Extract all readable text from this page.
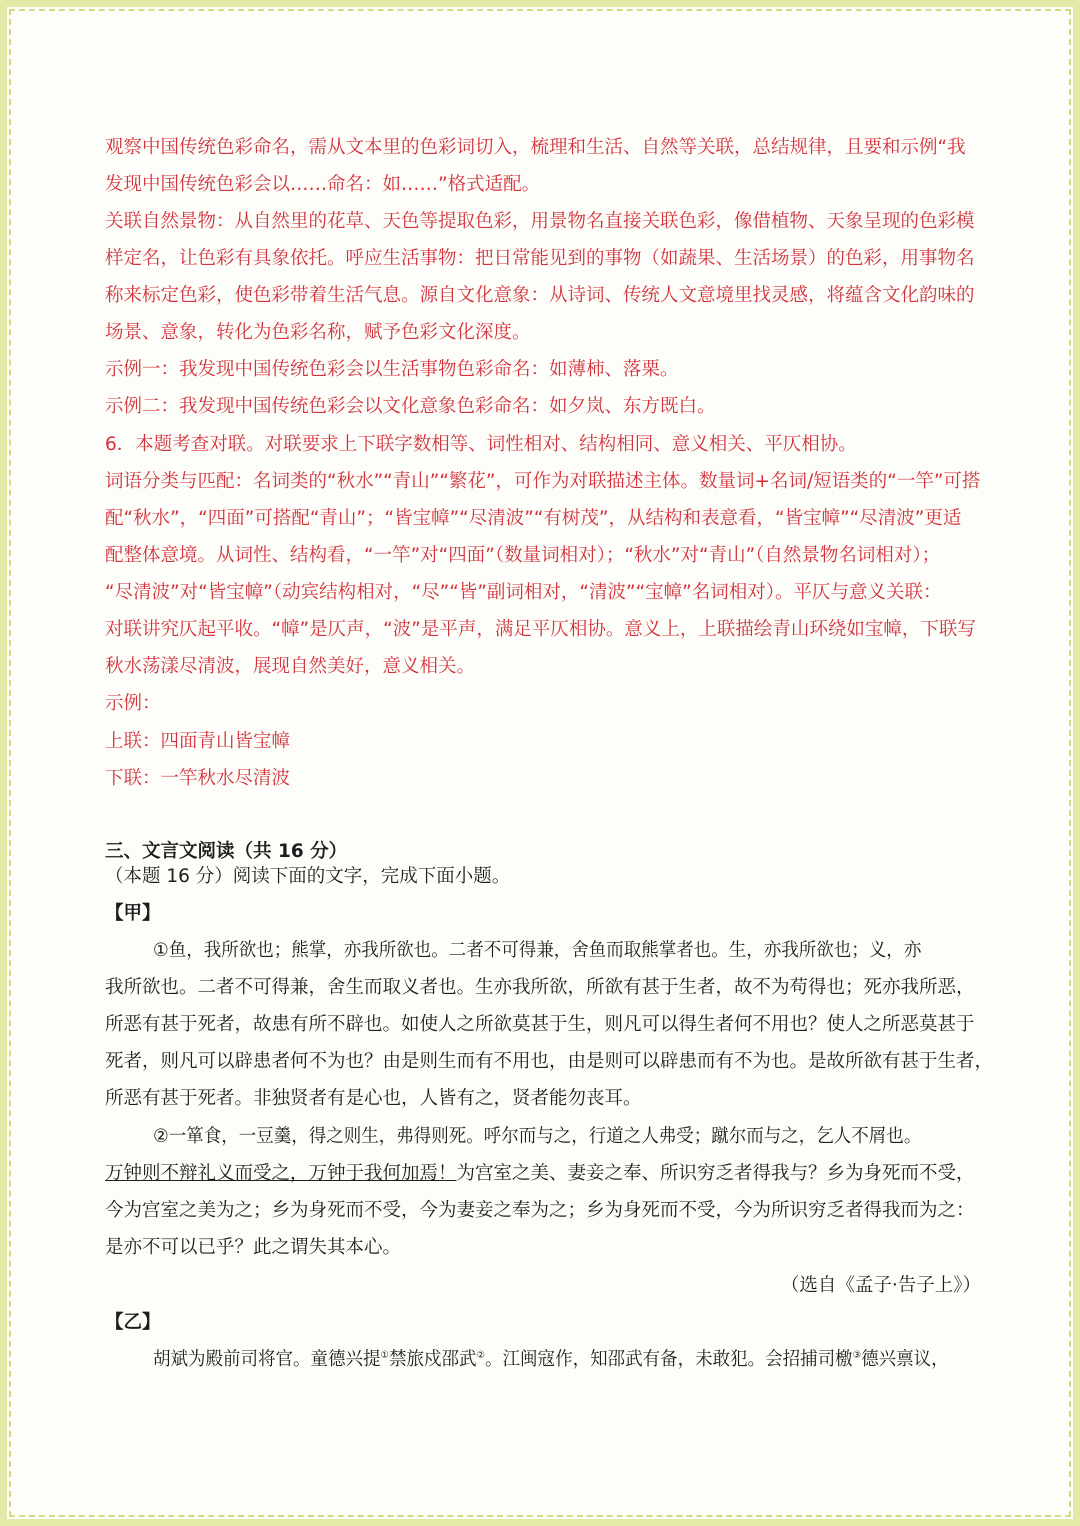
观察中国传统色彩命名，需从文本里的色彩词切入，梳理和生活、自然等关联，总结规律，且要和示例“我
发现中国传统色彩会以……命名：如……”格式适配。
关联自然景物：从自然里的花草、天色等提取色彩，用景物名直接关联色彩，像借植物、天象呈现的色彩模
样定名，让色彩有具象依托。呼应生活事物：把日常能见到的事物（如蔬果、生活场景）的色彩，用事物名
称来标定色彩，使色彩带着生活气息。源自文化意象：从诗词、传统人文意境里找灵感，将蕴含文化韵味的
场景、意象，转化为色彩名称，赋予色彩文化深度。
示例一：我发现中国传统色彩会以生活事物色彩命名：如薄柿、落栗。
示例二：我发现中国传统色彩会以文化意象色彩命名：如夕岚、东方既白。
6．本题考查对联。对联要求上下联字数相等、词性相对、结构相同、意义相关、平仄相协。
词语分类与匹配：名词类的“秋水”“青山”“繁花”，可作为对联描述主体。数量词+名词/短语类的“一竿”可搭
配“秋水”，“四面”可搭配“青山”；“皆宝幛”“尽清波”“有树茂”，从结构和表意看，“皆宝幛”“尽清波”更适
配整体意境。从词性、结构看，“一竿”对“四面”（数量词相对）；“秋水”对“青山”（自然景物名词相对）；
“尽清波”对“皆宝幛”（动宾结构相对，“尽”“皆”副词相对，“清波”“宝幛”名词相对）。平仄与意义关联：
对联讲究仄起平收。“幛”是仄声，“波”是平声，满足平仄相协。意义上，上联描绘青山环绕如宝幛，下联写
秋水荡漾尽清波，展现自然美好，意义相关。
示例：
上联：四面青山皆宝幛
下联：一竿秋水尽清波
三、文言文阅读（共 16 分）
（本题 16 分）阅读下面的文字，完成下面小题。
【甲】
①鱼，我所欲也；熊掌，亦我所欲也。二者不可得兼，舍鱼而取熊掌者也。生，亦我所欲也；义，亦
我所欲也。二者不可得兼，舍生而取义者也。生亦我所欲，所欲有甚于生者，故不为苟得也；死亦我所恶，
所恶有甚于死者，故患有所不辟也。如使人之所欲莫甚于生，则凡可以得生者何不用也？使人之所恶莫甚于
死者，则凡可以辟患者何不为也？由是则生而有不用也，由是则可以辟患而有不为也。是故所欲有甚于生者，
所恶有甚于死者。非独贤者有是心也，人皆有之，贤者能勿丧耳。
②一箪食，一豆羹，得之则生，弗得则死。呼尔而与之，行道之人弗受；蹴尔而与之，乞人不屑也。
万钟则不辩礼义而受之，万钟于我何加焉！为宫室之美、妻妾之奉、所识穷乏者得我与？乡为身死而不受，
今为宫室之美为之；乡为身死而不受，今为妻妾之奉为之；乡为身死而不受，今为所识穷乏者得我而为之：
是亦不可以已乎？此之谓失其本心。
（选自《孟子·告子上》）
【乙】
胡斌为殿前司将官。童德兴提①禁旅戍邵武②。江闽寇作，知邵武有备，未敢犯。会招捕司檄③德兴禀议，
